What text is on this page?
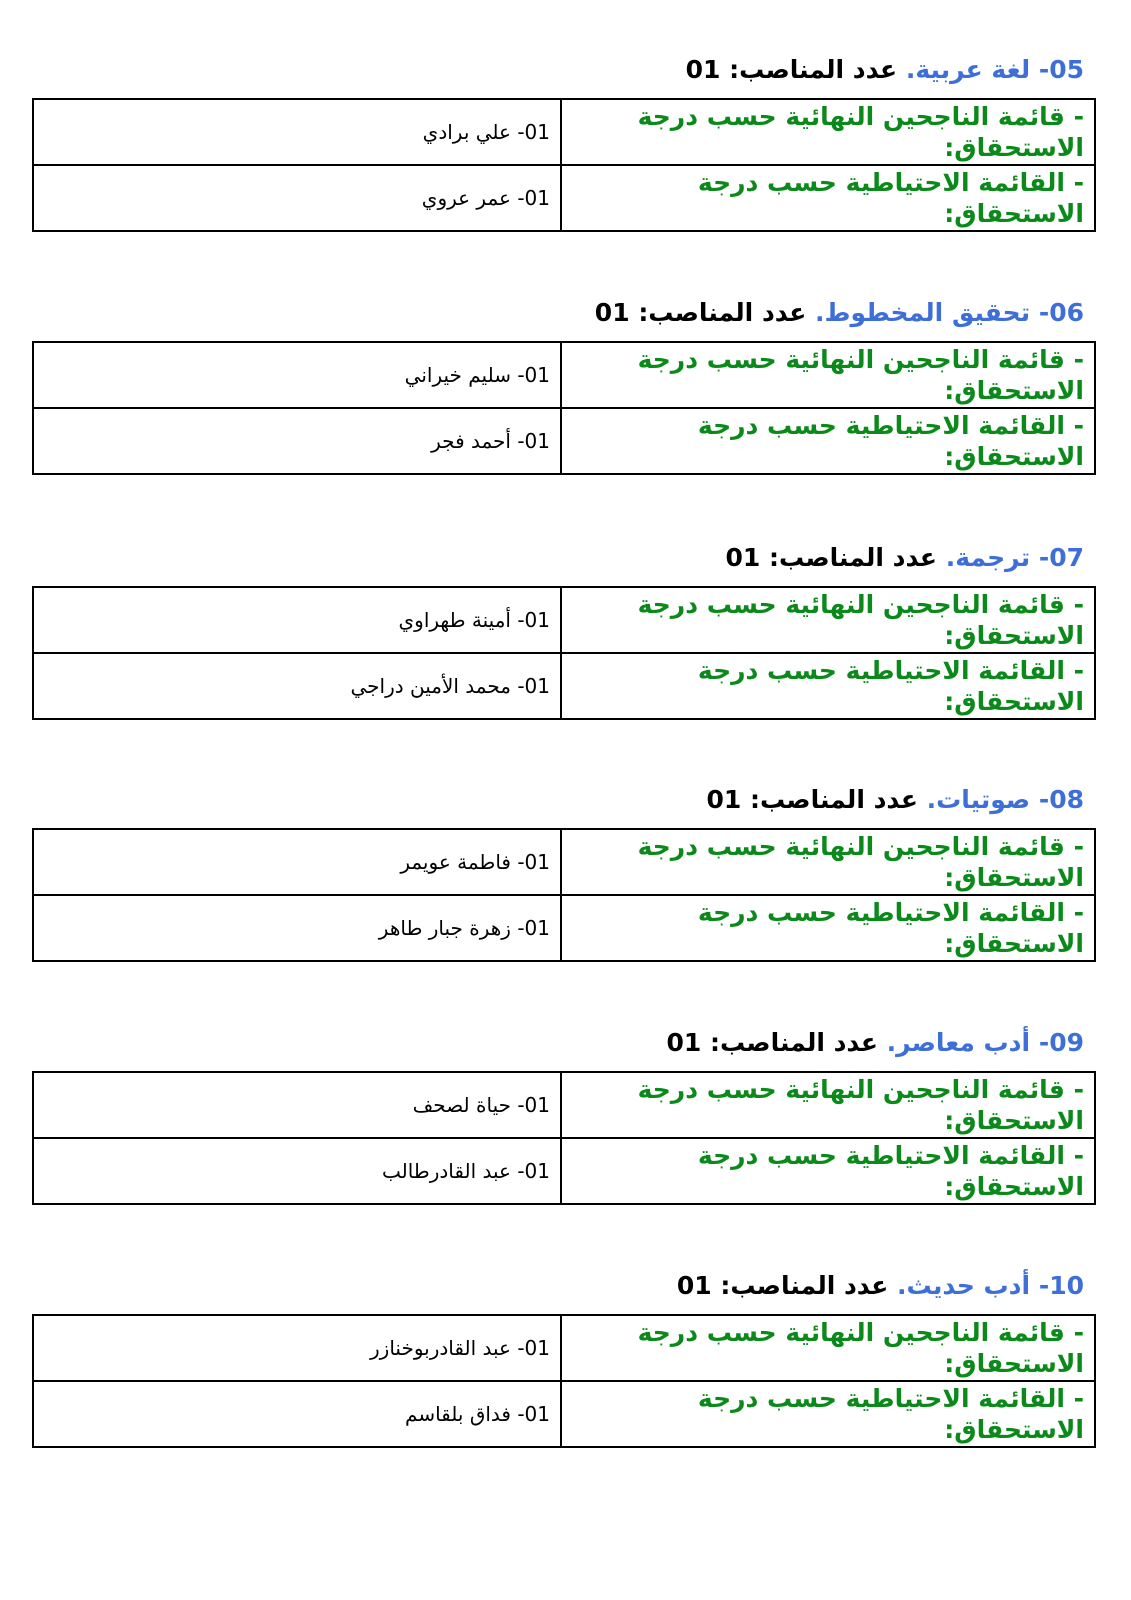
05- لغة عربية. عدد المناصب: 01
- قائمة الناجحين النهائية حسب درجة الاستحقاق:	01- علي برادي
- القائمة الاحتياطية حسب درجة الاستحقاق:	01- عمر عروي
06- تحقيق المخطوط. عدد المناصب: 01
- قائمة الناجحين النهائية حسب درجة الاستحقاق:	01- سليم خيراني
- القائمة الاحتياطية حسب درجة الاستحقاق:	01- أحمد فجر
07- ترجمة. عدد المناصب: 01
- قائمة الناجحين النهائية حسب درجة الاستحقاق:	01- أمينة طهراوي
- القائمة الاحتياطية حسب درجة الاستحقاق:	01- محمد الأمين دراجي
08- صوتيات. عدد المناصب: 01
- قائمة الناجحين النهائية حسب درجة الاستحقاق:	01- فاطمة عويمر
- القائمة الاحتياطية حسب درجة الاستحقاق:	01- زهرة جبار طاهر
09- أدب معاصر. عدد المناصب: 01
- قائمة الناجحين النهائية حسب درجة الاستحقاق:	01- حياة لصحف
- القائمة الاحتياطية حسب درجة الاستحقاق:	01- عبد القادرطالب
10- أدب حديث. عدد المناصب: 01
- قائمة الناجحين النهائية حسب درجة الاستحقاق:	01- عبد القادربوخنازر
- القائمة الاحتياطية حسب درجة الاستحقاق:	01- فداق بلقاسم
